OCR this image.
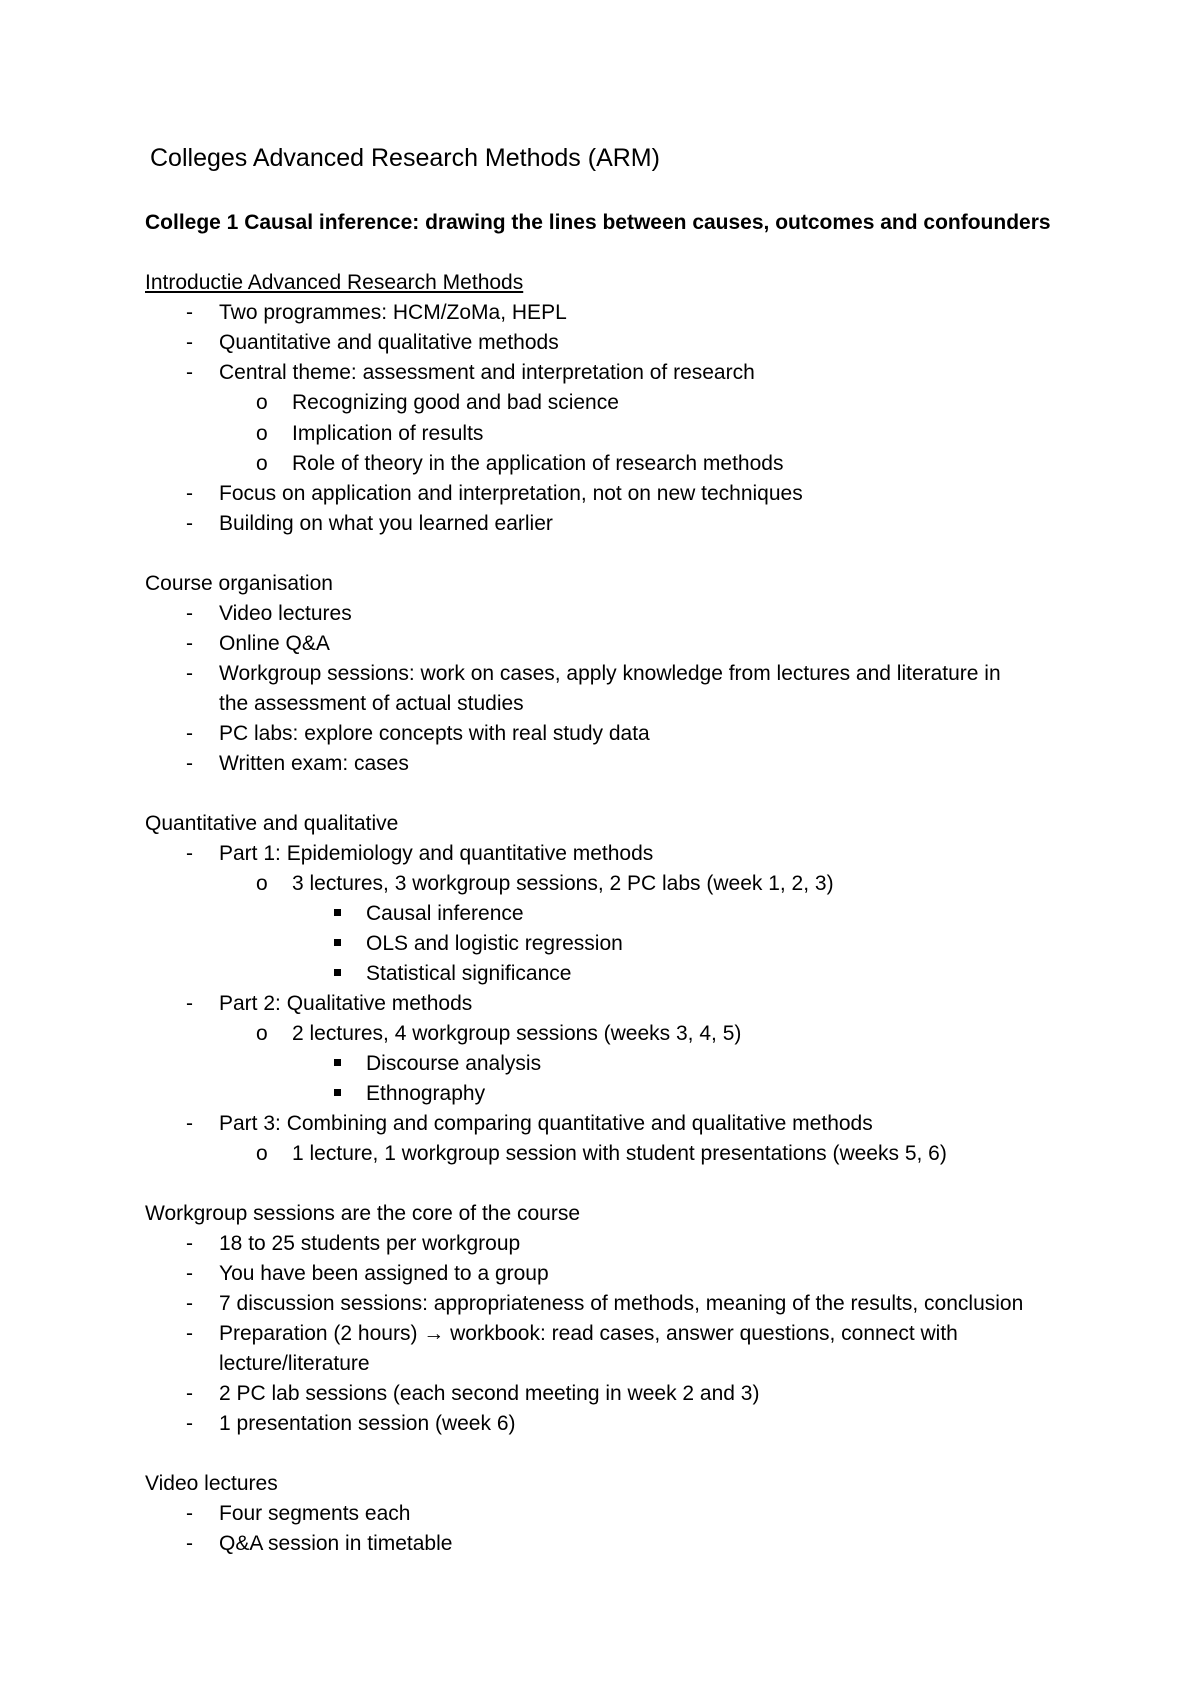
Colleges Advanced Research Methods (ARM)
College 1 Causal inference: drawing the lines between causes, outcomes and confounders
Introductie Advanced Research Methods
- Two programmes: HCM/ZoMa, HEPL
- Quantitative and qualitative methods
- Central theme: assessment and interpretation of research
o Recognizing good and bad science
o Implication of results
o Role of theory in the application of research methods
- Focus on application and interpretation, not on new techniques
- Building on what you learned earlier
Course organisation
- Video lectures
- Online Q&A
- Workgroup sessions: work on cases, apply knowledge from lectures and literature in
the assessment of actual studies
- PC labs: explore concepts with real study data
- Written exam: cases
Quantitative and qualitative
- Part 1: Epidemiology and quantitative methods
o 3 lectures, 3 workgroup sessions, 2 PC labs (week 1, 2, 3)
Causal inference
OLS and logistic regression
Statistical significance
- Part 2: Qualitative methods
o 2 lectures, 4 workgroup sessions (weeks 3, 4, 5)
Discourse analysis
Ethnography
- Part 3: Combining and comparing quantitative and qualitative methods
o 1 lecture, 1 workgroup session with student presentations (weeks 5, 6)
Workgroup sessions are the core of the course
- 18 to 25 students per workgroup
- You have been assigned to a group
- 7 discussion sessions: appropriateness of methods, meaning of the results, conclusion
- Preparation (2 hours) → workbook: read cases, answer questions, connect with
lecture/literature
- 2 PC lab sessions (each second meeting in week 2 and 3)
- 1 presentation session (week 6)
Video lectures
- Four segments each
- Q&A session in timetable
